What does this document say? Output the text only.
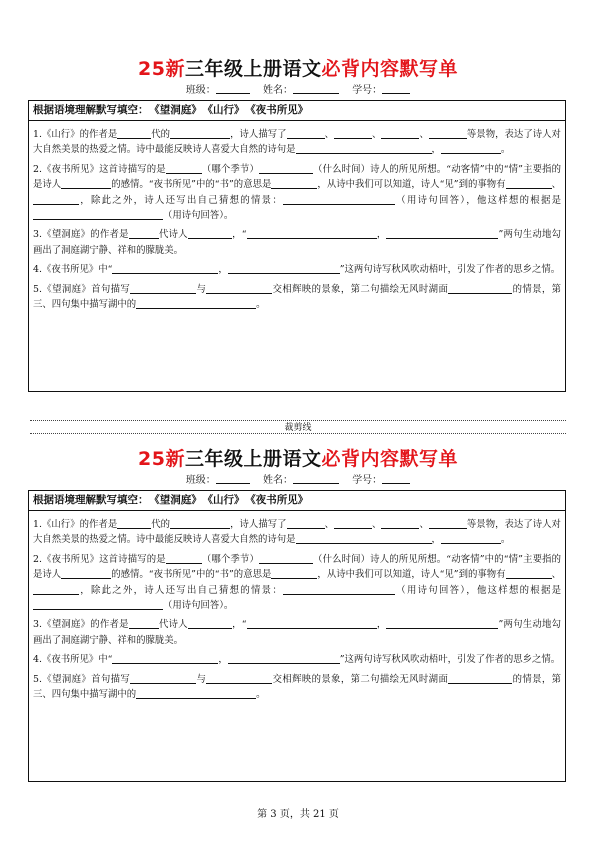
25新三年级上册语文必背内容默写单
班级：	姓名：	学号：
根据语境理解默写填空： 《望洞庭》 《山行》 《夜书所见》

1.《山行》的作者是	代的	，诗人描写了	、	、	、	等景物，表达了诗人对大自然美景的热爱之情。诗中最能反映诗人喜爱大自然的诗句是	，	。

2.《夜书所见》这首诗描写的是	（哪个季节）	（什么时间）诗人的所见所想。“动客情”中的“情”主要指的是诗人	的感情。“夜书所见”中的“书”的意思是	，从诗中我们可以知道，诗人“见”到的事物有	、，除此之外，诗人还写出自己猜想的情景：	（用诗句回答），他这样想的根据是（用诗句回答）。

3.《望洞庭》的作者是	代诗人	，“	，	”两句生动地勾画出了洞庭湖宁静、祥和的朦胧美。

4.《夜书所见》中“	，	”这两句诗写秋风吹动梧叶，引发了作者的思乡之情。

5.《望洞庭》首句描写	与	交相辉映的景象，第二句描绘无风时湖面	的情景，第三、四句集中描写湖中的	。

裁剪线
25新三年级上册语文必背内容默写单
班级：	姓名：	学号：
根据语境理解默写填空： 《望洞庭》 《山行》 《夜书所见》

1.《山行》的作者是	代的	，诗人描写了	、	、	、	等景物，表达了诗人对大自然美景的热爱之情。诗中最能反映诗人喜爱大自然的诗句是	，	。

2.《夜书所见》这首诗描写的是	（哪个季节）	（什么时间）诗人的所见所想。“动客情”中的“情”主要指的是诗人	的感情。“夜书所见”中的“书”的意思是	，从诗中我们可以知道，诗人“见”到的事物有	、，除此之外，诗人还写出自己猜想的情景：	（用诗句回答），他这样想的根据是（用诗句回答）。

3.《望洞庭》的作者是	代诗人	，“	，	”两句生动地勾画出了洞庭湖宁静、祥和的朦胧美。

4.《夜书所见》中“	，	”这两句诗写秋风吹动梧叶，引发了作者的思乡之情。

5.《望洞庭》首句描写	与	交相辉映的景象，第二句描绘无风时湖面	的情景，第三、四句集中描写湖中的	。

第 3 页，共 21 页
